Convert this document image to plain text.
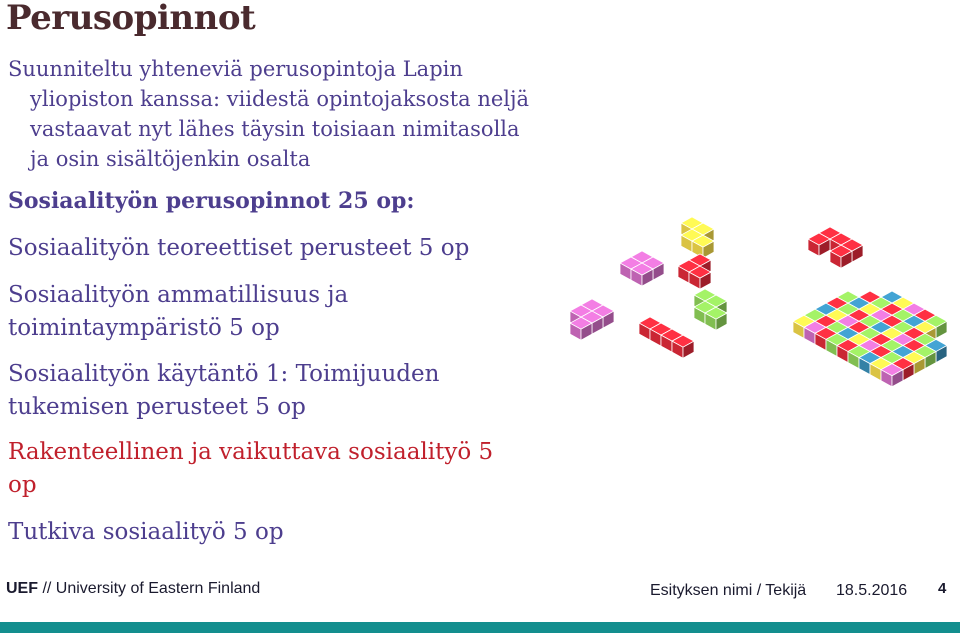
Perusopinnot
Suunniteltu yhteneviä perusopintoja Lapin
yliopiston kanssa: viidestä opintojaksosta neljä
vastaavat nyt lähes täysin toisiaan nimitasolla
ja osin sisältöjenkin osalta
Sosiaalityön perusopinnot 25 op:
Sosiaalityön teoreettiset perusteet 5 op
Sosiaalityön ammatillisuus ja
toimintaympäristö 5 op
Sosiaalityön käytäntö 1: Toimijuuden
tukemisen perusteet 5 op
Rakenteellinen ja vaikuttava sosiaalityö 5
op
Tutkiva sosiaalityö 5 op
UEF // University of Eastern Finland	Esityksen nimi / Tekijä 18.5.2016 4
